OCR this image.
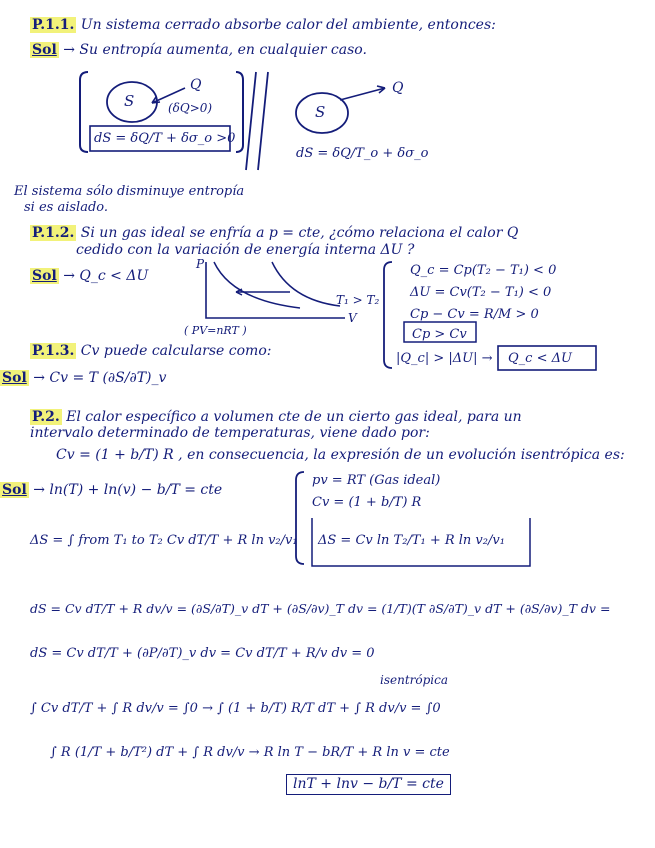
P.1.1. Un sistema cerrado absorbe calor del ambiente, entonces:
Sol → Su entropía aumenta, en cualquier caso.
S
Q
(δQ>0)
dS = δQ/T + δσ_o >0
S
Q
dS = δQ/T_o + δσ_o
El sistema sólo disminuye entropía
si es aislado.
P.1.2. Si un gas ideal se enfría a p = cte, ¿cómo relaciona el calor Q
cedido con la variación de energía interna ΔU ?
Sol → Q_c < ΔU
P
V
( PV=nRT )
T₁ > T₂
Q_c = Cp(T₂ − T₁) < 0
ΔU = Cv(T₂ − T₁) < 0
Cp − Cv = R/M > 0
Cp > Cv
|Q_c| > |ΔU| → Q_c < ΔU
P.1.3. Cv puede calcularse como:
Sol → Cv = T (∂S/∂T)_v
P.2. El calor específico a volumen cte de un cierto gas ideal, para un
intervalo determinado de temperaturas, viene dado por:
Cv = (1 + b/T) R , en consecuencia, la expresión de un evolución isentrópica es:
Sol → ln(T) + ln(v) − b/T = cte
pv = RT (Gas ideal)
Cv = (1 + b/T) R
ΔS = Cv ln T₂/T₁ + R ln v₂/v₁
ΔS = ∫ from T₁ to T₂ Cv dT/T + R ln v₂/v₁
dS = Cv dT/T + R dv/v = (∂S/∂T)_v dT + (∂S/∂v)_T dv = (1/T)(T ∂S/∂T)_v dT + (∂S/∂v)_T dv =
dS = Cv dT/T + (∂P/∂T)_v dv = Cv dT/T + R/v dv = 0
isentrópica
∫ Cv dT/T + ∫ R dv/v = ∫0 → ∫ (1 + b/T) R/T dT + ∫ R dv/v = ∫0
∫ R (1/T + b/T²) dT + ∫ R dv/v → R ln T − bR/T + R ln v = cte
lnT + lnv − b/T = cte
